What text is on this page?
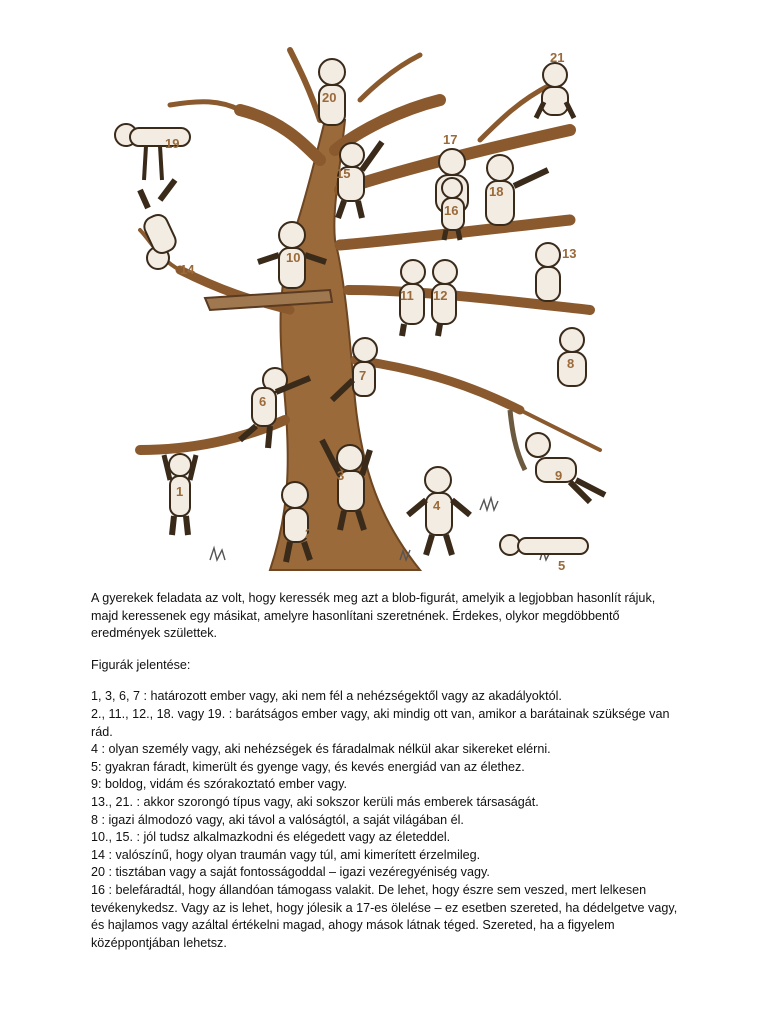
1
2
3
4
5
6
7
8
9
10
11 12
13
14
15
16
17
18
19
20
21

A gyerekek feladata az volt, hogy keressék meg azt a blob-figurát, amelyik a legjobban hasonlít rájuk, majd keressenek egy másikat, amelyre hasonlítani szeretnének. Érdekes, olykor megdöbbentő eredmények születtek.

Figurák jelentése:

1, 3, 6, 7 : határozott ember vagy, aki nem fél a nehézségektől vagy az akadályoktól.

2., 11., 12., 18. vagy 19. : barátságos ember vagy, aki mindig ott van, amikor a barátainak szüksége van rád.

4 : olyan személy vagy, aki nehézségek és fáradalmak nélkül akar sikereket elérni.

5: gyakran fáradt, kimerült és gyenge vagy, és kevés energiád van az élethez.

9: boldog, vidám és szórakoztató ember vagy.

13., 21. : akkor szorongó típus vagy, aki sokszor kerüli más emberek társaságát.

8 : igazi álmodozó vagy, aki távol a valóságtól, a saját világában él.

10., 15. : jól tudsz alkalmazkodni és elégedett vagy az életeddel.

14 : valószínű, hogy olyan traumán vagy túl, ami kimerített érzelmileg.

20 : tisztában vagy a saját fontosságoddal – igazi vezéregyéniség vagy.

16 : belefáradtál, hogy állandóan támogass valakit. De lehet, hogy észre sem veszed, mert lelkesen tevékenykedsz. Vagy az is lehet, hogy jólesik a 17-es ölelése – ez esetben szereted, ha dédelgetve vagy, és hajlamos vagy azáltal értékelni magad, ahogy mások látnak téged. Szereted, ha a figyelem középpontjában lehetsz.
